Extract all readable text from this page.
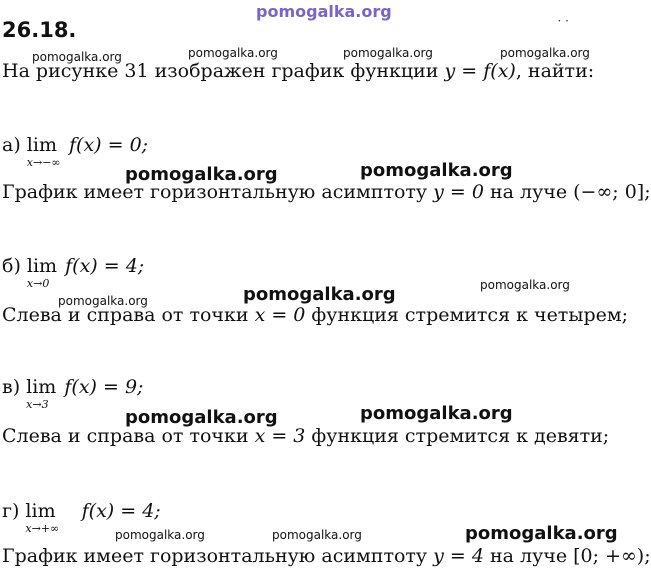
pomogalka.org	· ·
26.18.
pomogalka.org	pomogalka.org	pomogalka.org	pomogalka.org
На рисунке 31 изображен график функции y = f(x), найти:
а) lim
x→−∞
f(x) = 0;
pomogalka.org	pomogalka.org
График имеет горизонтальную асимптоту y = 0 на луче (−∞; 0];
б) lim
x→0
f(x) = 4;
pomogalka.org
pomogalka.org	pomogalka.org
Слева и справа от точки x = 0 функция стремится к четырем;
в) lim
x→3
f(x) = 9;
pomogalka.org	pomogalka.org
Слева и справа от точки x = 3 функция стремится к девяти;
г) lim
x→+∞
f(x) = 4;
pomogalka.org	pomogalka.org	pomogalka.org
График имеет горизонтальную асимптоту y = 4 на луче [0; +∞);
